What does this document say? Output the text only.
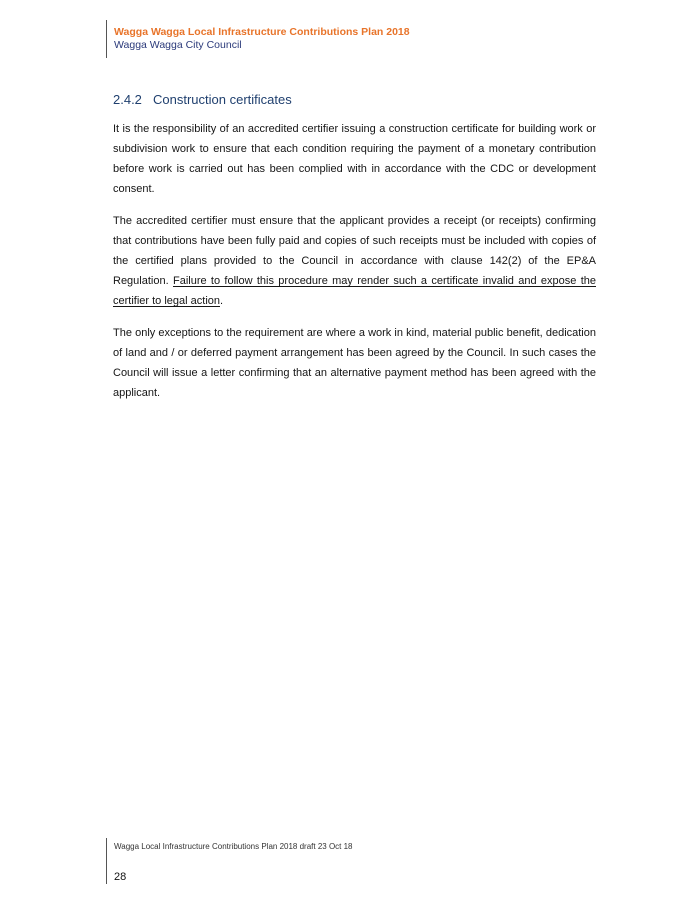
Wagga Wagga Local Infrastructure Contributions Plan 2018
Wagga Wagga City Council
2.4.2 Construction certificates

It is the responsibility of an accredited certifier issuing a construction certificate for building work or subdivision work to ensure that each condition requiring the payment of a monetary contribution before work is carried out has been complied with in accordance with the CDC or development consent.

The accredited certifier must ensure that the applicant provides a receipt (or receipts) confirming that contributions have been fully paid and copies of such receipts must be included with copies of the certified plans provided to the Council in accordance with clause 142(2) of the EP&A Regulation. Failure to follow this procedure may render such a certificate invalid and expose the certifier to legal action.

The only exceptions to the requirement are where a work in kind, material public benefit, dedication of land and / or deferred payment arrangement has been agreed by the Council. In such cases the Council will issue a letter confirming that an alternative payment method has been agreed with the applicant.

Wagga Local Infrastructure Contributions Plan 2018 draft 23 Oct 18
28
